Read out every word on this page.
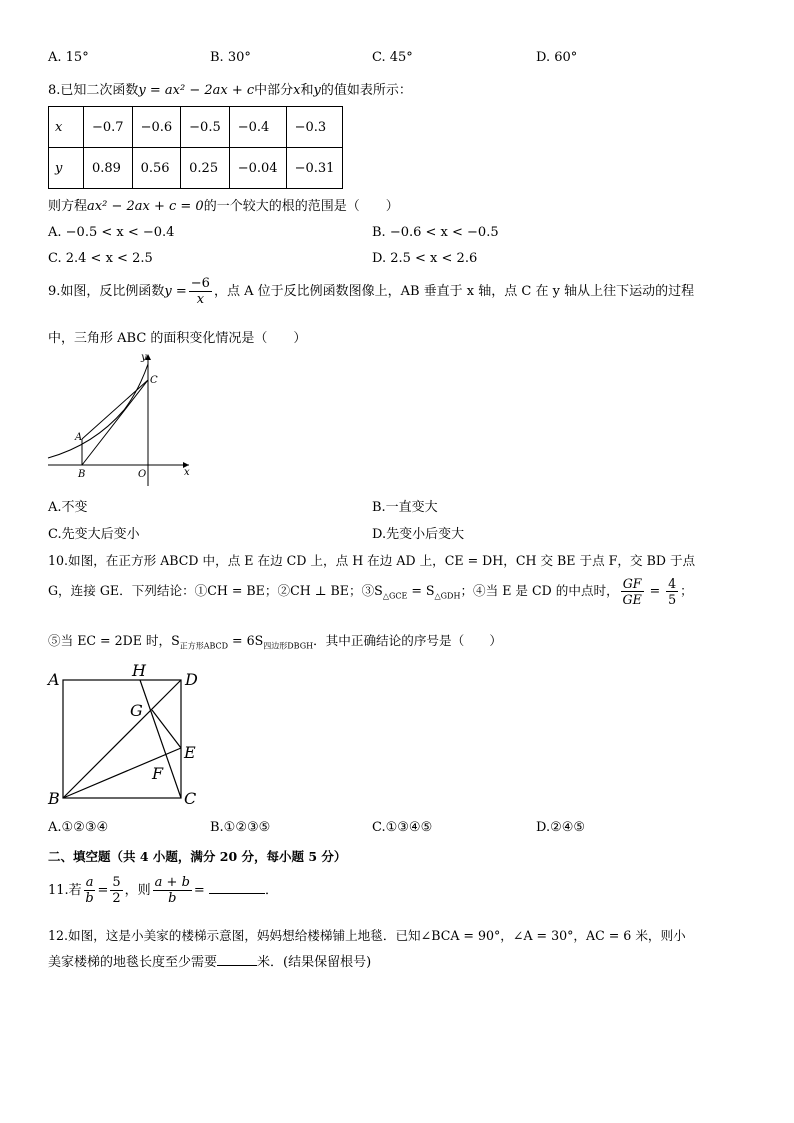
A. 15°	B. 30°	C. 45°	D. 60°
8.已知二次函数y = ax² − 2ax + c中部分x和y的值如表所示：
x	−0.7	−0.6	−0.5	−0.4	−0.3
y	0.89	0.56	0.25	−0.04	−0.31
则方程ax² − 2ax + c = 0的一个较大的根的范围是（　　）
A. −0.5 < x < −0.4	B. −0.6 < x < −0.5
C. 2.4 < x < 2.5	D. 2.5 < x < 2.6
9.如图，反比例函数$y = \frac{-6}{x}$ ，点 A 位于反比例函数图像上，AB 垂直于 x 轴，点 C 在 y 轴从上往下运动的过程
中，三角形 ABC 的面积变化情况是（　　）
y
x
A
B
C
O
A.不变	B.一直变大
C.先变大后变小	D.先变小后变大
10.如图，在正方形 ABCD 中，点 E 在边 CD 上，点 H 在边 AD 上，CE = DH，CH 交 BE 于点 F，交 BD 于点
G，连接 GE．下列结论：①CH = BE；②CH ⊥ BE；$③S_{\triangle GCE} = S_{\triangle GDH}$；④当 E 是 CD 的中点时， $\frac{GF}{GE} = \frac{4}{5}$ ；
⑤当 EC = 2DE 时，$S_{正方形ABCD} = 6S_{四边形DBGH}$．其中正确结论的序号是（　　）
A
B	C
D
E
F
G
H
A.①②③④	B.①②③⑤	C.①③④⑤	D.②④⑤
二、填空题（共 4 小题，满分 20 分，每小题 5 分）
11.若 $\frac{a}{b} = \frac{5}{2}$ ，则 $\frac{a + b}{b}$ =	．
12.如图，这是小美家的楼梯示意图，妈妈想给楼梯铺上地毯．已知∠BCA = 90°，∠A = 30°，AC = 6 米，则小
美家楼梯的地毯长度至少需要	米．(结果保留根号)
